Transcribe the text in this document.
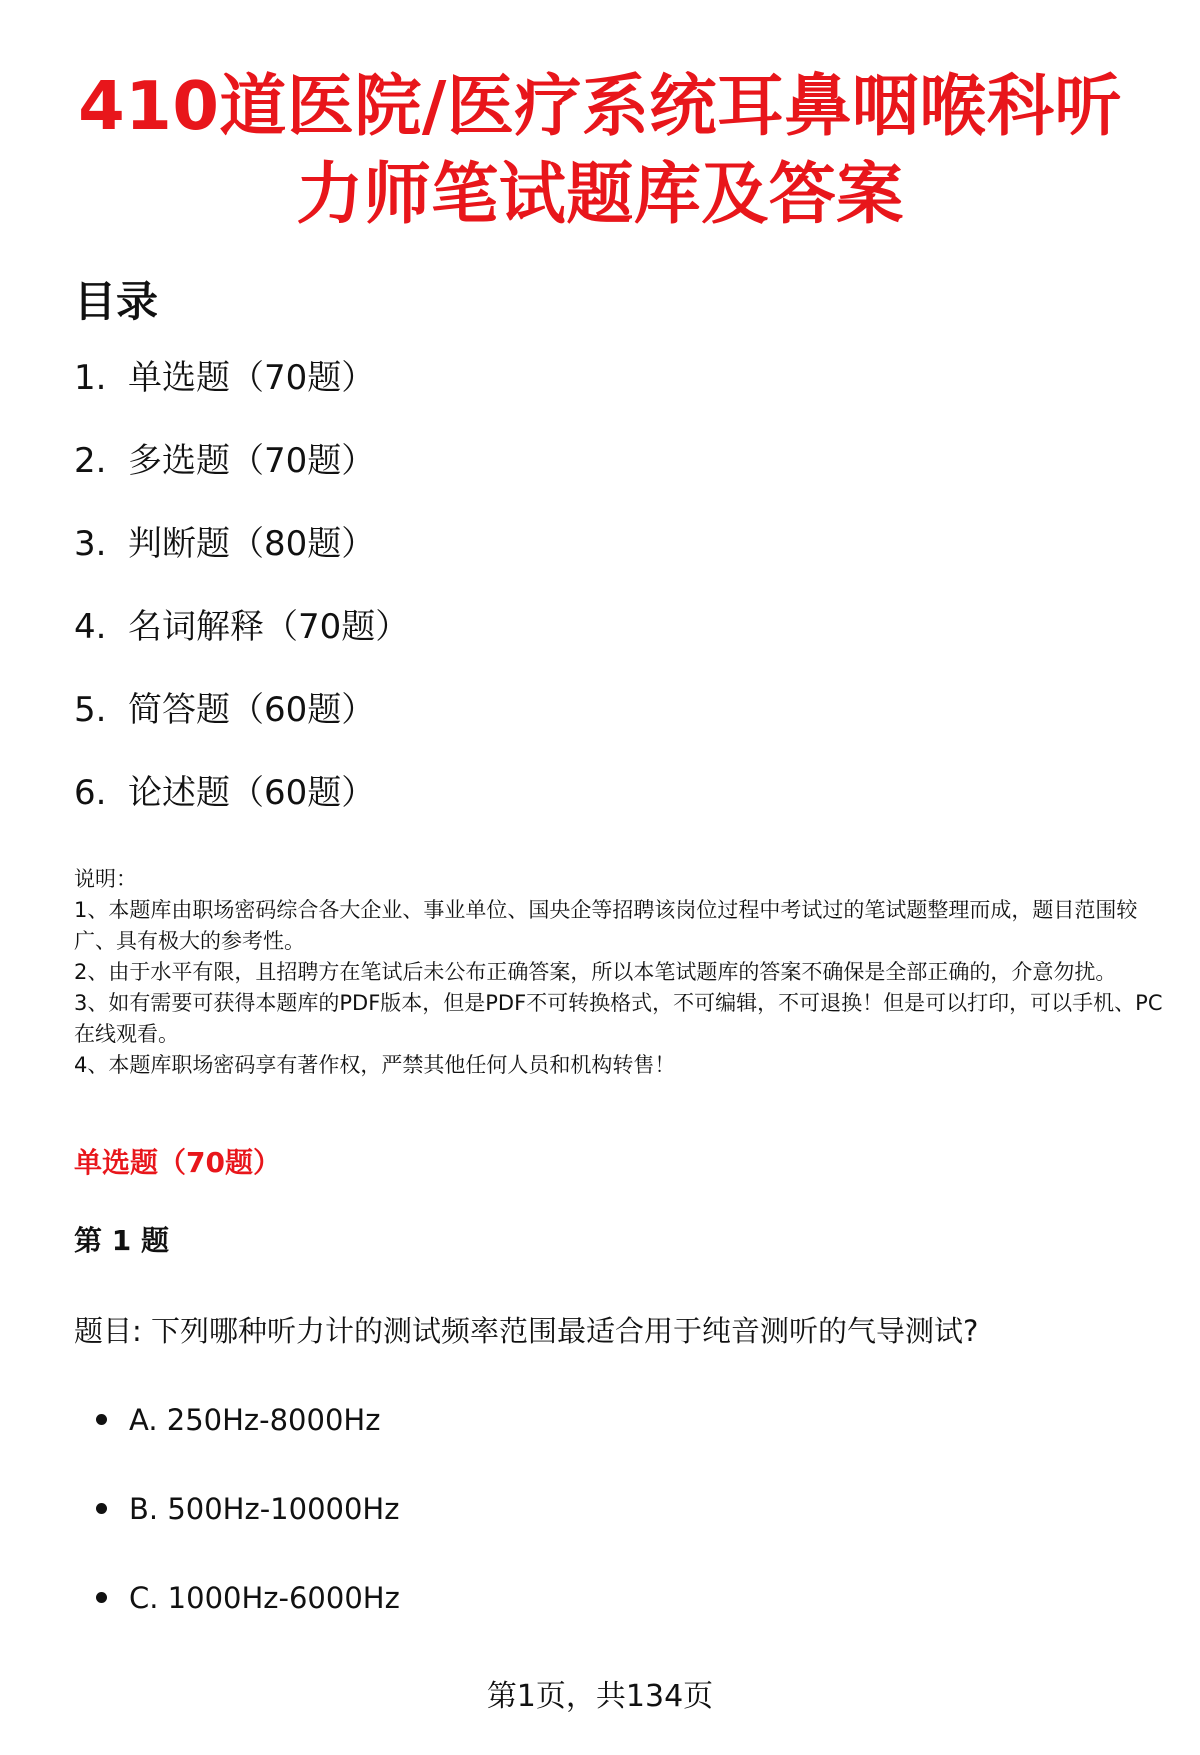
410道医院/医疗系统耳鼻咽喉科听力师笔试题库及答案
目录
1. 单选题（70题）
2. 多选题（70题）
3. 判断题（80题）
4. 名词解释（70题）
5. 简答题（60题）
6. 论述题（60题）

说明：

1、本题库由职场密码综合各大企业、事业单位、国央企等招聘该岗位过程中考试过的笔试题整理而成，题目范围较广、具有极大的参考性。

2、由于水平有限，且招聘方在笔试后未公布正确答案，所以本笔试题库的答案不确保是全部正确的，介意勿扰。

3、如有需要可获得本题库的PDF版本，但是PDF不可转换格式，不可编辑，不可退换！但是可以打印，可以手机、PC在线观看。

4、本题库职场密码享有著作权，严禁其他任何人员和机构转售！

单选题（70题）
第 1 题

题目: 下列哪种听力计的测试频率范围最适合用于纯音测听的气导测试?

A. 250Hz-8000Hz
B. 500Hz-10000Hz
C. 1000Hz-6000Hz
第1页，共134页
